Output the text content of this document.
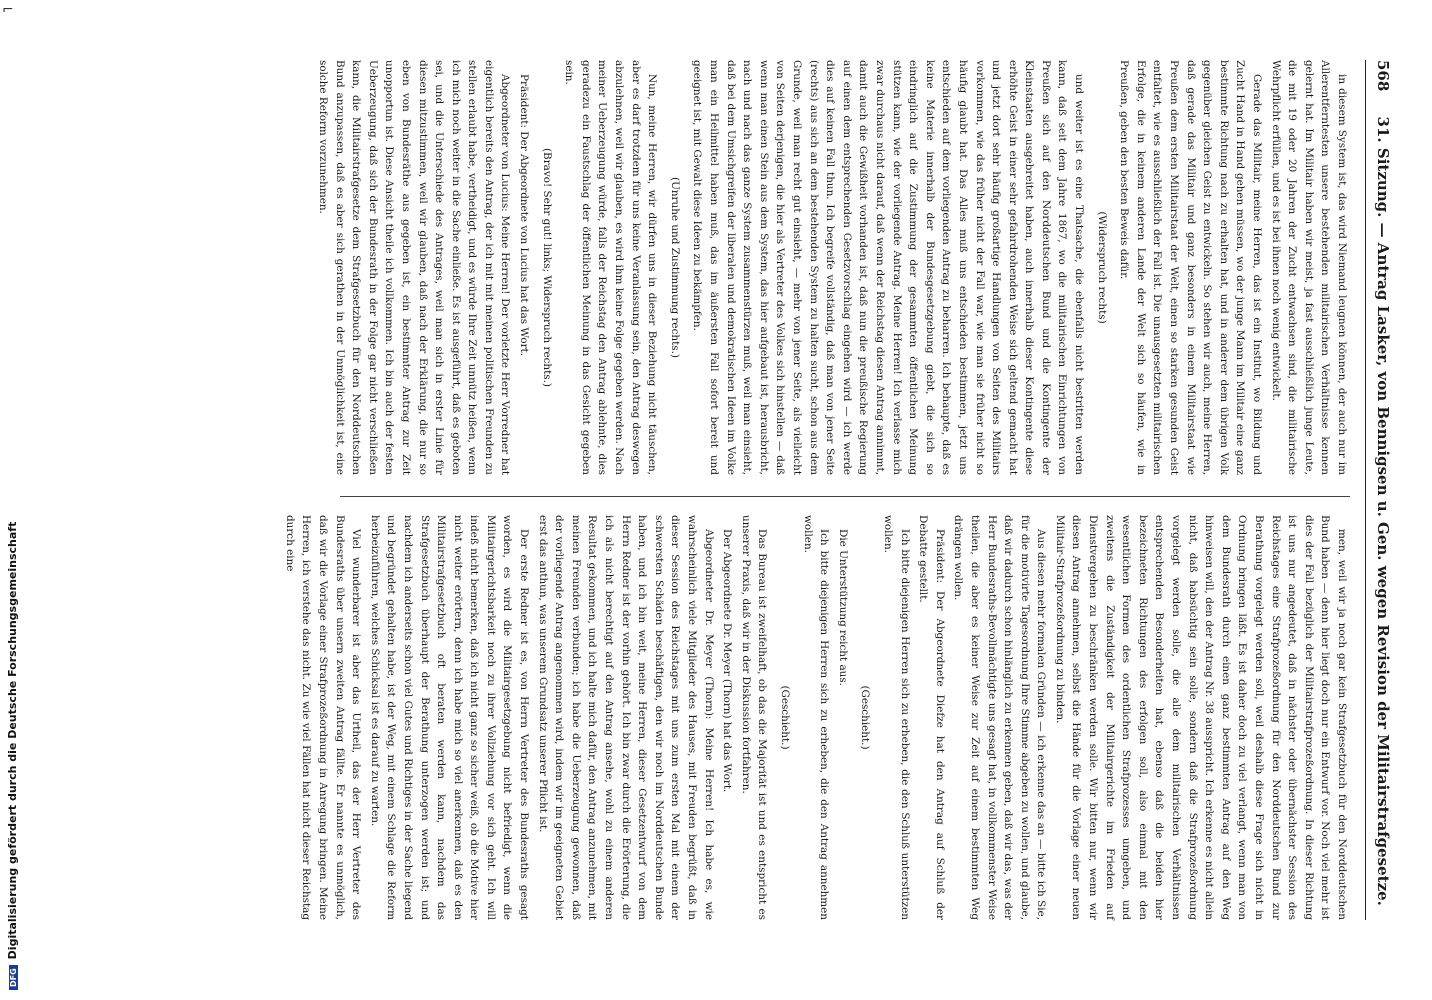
⌐
568 31. Sitzung. — Antrag Lasker, von Bennigsen u. Gen. wegen Revision der Militairstrafgesetze.

in diesem System ist, das wird Niemand leugnen können, der auch nur im Allerentferntesten unsere bestehenden militairischen Verhältnisse kennen gelernt hat. Im Militair haben wir meist, ja fast ausschließlich junge Leute, die mit 19 oder 20 Jahren der Zucht entwachsen sind, die militairische Wehrpflicht erfüllen, und es ist bei ihnen noch wenig entwickelt.

Gerade das Militair, meine Herren, das ist ein Institut, wo Bildung und Zucht Hand in Hand gehen müssen, wo der junge Mann im Militair eine ganz bestimmte Richtung nach zu erhalten hat, und in anderer dem übrigen Volk gegenüber gleichen Geist zu entwickeln. So stehen wir auch, meine Herren, daß gerade das Militair und ganz besonders in einem Militairstaat wie Preußen dem ersten Militairstaat der Welt, einen so starken gesunden Geist entfaltet, wie es ausschließlich der Fall ist. Die unausgesetzten militairischen Erfolge, die in keinem anderen Lande der Welt sich so häufen, wie in Preußen, geben den besten Beweis dafür.

(Widerspruch rechts)

und weiter ist es eine Thatsache, die ebenfalls nicht bestritten werden kann, daß seit dem Jahre 1867, wo die militairischen Einrichtungen von Preußen sich auf den Norddeutschen Bund und die Kontingente der Kleinstaaten ausgebreitet haben, auch innerhalb dieser Kontingente diese erhöhte Geist in einer sehr gefahrdrohenden Weise sich geltend gemacht hat und jetzt dort sehr häufig großartige Handlungen von Seiten des Militairs vorkommen, wie das früher nicht der Fall war, wie man sie früher nicht so häufig glaubt hat. Das Alles muß uns entschieden bestimmen, jetzt uns entschieden auf dem vorliegenden Antrag zu beharren. Ich behaupte, daß es keine Materie innerhalb der Bundesgesetzgebung giebt, die sich so eindringlich auf die Zustimmung der gesammten öffentlichen Meinung stützen kann, wie der vorliegende Antrag. Meine Herren! Ich verlasse mich zwar durchaus nicht darauf, daß wenn der Reichstag diesen Antrag annimmt, damit auch die Gewißheit vorhanden ist, daß nun die preußische Regierung auf einen dem entsprechenden Gesetzvorschlag eingehen wird — ich werde dies auf keinen Fall thun. Ich begreife vollständig, daß man von jener Seite (rechts) aus sich an dem bestehenden System zu halten sucht, schon aus dem Grunde, weil man recht gut einsieht, — mehr von jener Seite, als vielleicht von Seiten derjenigen, die hier als Vertreter des Volkes sich hinstellen — daß wenn man einen Stein aus dem System, das hier aufgebaut ist, herausbricht, nach und nach das ganze System zusammenstürzen muß, weil man einsieht, daß bei dem Umsichgreifen der liberalen und demokratischen Ideen im Volke man ein Heilmittel haben muß, das im äußersten Fall sofort bereit und geeignet ist, mit Gewalt diese Ideen zu bekämpfen.

(Unruhe und Zustimmung rechts.)

Nun, meine Herren, wir dürfen uns in dieser Beziehung nicht täuschen, aber es darf trotzdem für uns keine Veranlassung sein, den Antrag deswegen abzulehnen, weil wir glauben, es wird ihm keine Folge gegeben werden. Nach meiner Ueberzeugung würde, falls der Reichstag den Antrag ablehnte, dies geradezu ein Faustschlag der öffentlichen Meinung in das Gesicht gegeben sein.

(Bravo! Sehr gut! links; Widerspruch rechts.)

Präsident: Der Abgeordnete von Lucius hat das Wort.

Abgeordneter von Lucius: Meine Herren! Der vorletzte Herr Vorredner hat eigentlich bereits den Antrag, der ich mit mit meinen politischen Freunden zu stellen erlaubt habe, vertheidigt, und es würde Ihre Zeit unnütz heißen, wenn ich mich noch weiter in die Sache einließe. Es ist ausgeführt, daß es geboten sei, und die Unterschiede des Antrages, weil man sich in erster Linie für diesen mitzustimmen, weil wir glauben, daß nach der Erklärung, die nur so eben von Bundesräthe aus gegeben ist, ein bestimmter Antrag zur Zeit unopportun ist. Diese Ansicht theile ich vollkommen. Ich bin auch der festen Ueberzeugung, daß sich der Bundesrath in der Folge gar nicht verschließen kann, die Militairstrafgesetze dem Strafgesetzbuch für den Norddeutschen Bund anzupassen, daß es aber sich gerathen in der Unmöglichkeit ist, eine solche Reform vorzunehmen.

men, weil wir ja noch gar kein Strafgesetzbuch für den Norddeutschen Bund haben — denn hier liegt doch nur ein Entwurf vor. Noch viel mehr ist dies der Fall bezüglich der Militairstrafprozeßordnung. In dieser Richtung ist uns nur angedeutet, daß in nächster oder übernächster Session des Reichstages eine Strafprozeßordnung für den Norddeutschen Bund zur Berathung vorgelegt werden soll, weil deshalb diese Frage sich nicht in Ordnung bringen läßt. Es ist daher doch zu viel verlangt, wenn man von dem Bundesrath durch einen ganz bestimmten Antrag auf den Weg hinweisen will, den der Antrag Nr. 38 ausspricht. Ich erkenne es nicht allein nicht, daß habsüchtig sein solle, sondern daß die Strafprozeßordnung vorgelegt werden solle, die alle dem militairischen Verhältnissen entsprechenden Besonderheiten hat, ebenso daß die beiden hier bezeichneten Richtungen des erfolgen soll, also einmal mit den wesentlichen Formen des ordentlichen Strafprozesses umgeben, und zweitens die Zuständigkeit der Militairgerichte im Frieden auf Dienstvergehen zu beschränken werden solle. Wir bitten nur, wenn wir diesen Antrag annehmen, selbst die Hände für die Vorlage einer neuen Militair-Strafprozeßordnung zu binden.

Aus diesen mehr formalen Gründen — ich erkenne das an — bitte ich Sie, für die motivirte Tagesordnung Ihre Stimme abgeben zu wollen, und glaube, daß wir dadurch schon hinlänglich zu erkennen geben, daß wir das, was der Herr Bundesraths-Bevollmächtigte uns gesagt hat, in vollkommenster Weise theilen, die aber es keiner Weise zur Zeit auf einem bestimmten Weg drängen wollen.

Präsident: Der Abgeordnete Diefze hat den Antrag auf Schluß der Debatte gestellt.

Ich bitte diejenigen Herren sich zu erheben, die den Schluß unterstützen wollen.

(Geschieht.)

Die Unterstützung reicht aus.

Ich bitte diejenigen Herren sich zu erheben, die den Antrag annehmen wollen.

(Geschieht.)

Das Bureau ist zweifelhaft, ob das die Majorität ist und es entspricht es unserer Praxis, daß wir in der Diskussion fortfahren.

Der Abgeordnete Dr. Meyer (Thorn) hat das Wort.

Abgeordneter Dr. Meyer (Thorn): Meine Herren! Ich habe es, wie wahrscheinlich viele Mitglieder des Hauses, mit Freuden begrüßt, daß in dieser Session des Reichstages mit uns zum ersten Mal mit einem der schwersten Schäden beschäftigen, den wir noch im Norddeutschen Bunde haben, und ich bin weit, meine Herren, dieser Gesetzentwurf von dem Herrn Redner ist der vorhin gehört. Ich bin zwar durch die Erörterung, die ich als nicht berechtigt auf den Antrag ansehe, wohl zu einem anderen Resultat gekommen, und ich halte mich dafür, den Antrag anzunehmen, mit meinen Freunden verbunden; ich habe die Ueberzeugung gewonnen, daß der vorliegende Antrag angenommen wird, indem wir im geeigneten Gebiet erst das anthun, was unserem Grundsatz unserer Pflicht ist.

Der erste Redner ist es, von Herrn Vertreter des Bundesraths gesagt worden, es wird die Militairgesetzgebung nicht befriedigt, wenn die Militairgerichtsbarkeit noch zu ihrer Vollziehung vor sich geht. Ich will indeß nicht bemerken, daß ich nicht ganz so sicher weiß, ob die Motive hier nicht weiter erörtern, denn ich habe mich so viel anerkennen, daß es den Militairstrafgesetzbuch oft beraten werden kann, nachdem das Strafgesetzbuch überhaupt der Berathung unterzogen werden ist; und nachdem ich anderseits schon viel Gutes und Richtiges in der Sache liegend und begründet gehalten habe, ist der Weg, mit einem Schlage die Reform herbeizuführen, welches Schicksal ist es darauf zu warten.

Viel wunderbarer ist aber das Urtheil, das der Herr Vertreter des Bundesraths über unsern zweiten Antrag fällte. Er nannte es unmöglich, daß wir die Vorlage einer Strafprozeßordnung in Anregung bringen. Meine Herren, ich verstehe das nicht. Zu wie viel Fällen hat nicht dieser Reichstag durch eine

DFGDigitalisierung gefördert durch die Deutsche Forschungsgemeinschaft
